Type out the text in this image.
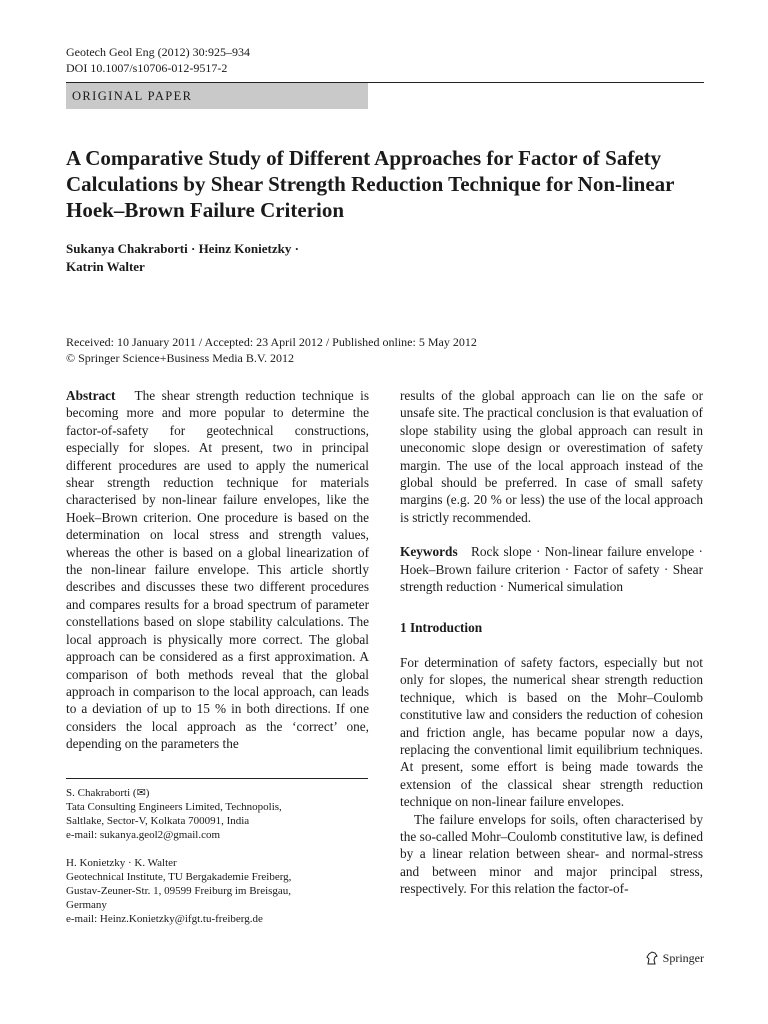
Geotech Geol Eng (2012) 30:925–934
DOI 10.1007/s10706-012-9517-2
ORIGINAL PAPER
A Comparative Study of Different Approaches for Factor of Safety Calculations by Shear Strength Reduction Technique for Non-linear Hoek–Brown Failure Criterion
Sukanya Chakraborti · Heinz Konietzky ·
Katrin Walter
Received: 10 January 2011 / Accepted: 23 April 2012 / Published online: 5 May 2012
© Springer Science+Business Media B.V. 2012

Abstract The shear strength reduction technique is becoming more and more popular to determine the factor-of-safety for geotechnical constructions, especially for slopes. At present, two in principal different procedures are used to apply the numerical shear strength reduction technique for materials characterised by non-linear failure envelopes, like the Hoek–Brown criterion. One procedure is based on the determination on local stress and strength values, whereas the other is based on a global linearization of the non-linear failure envelope. This article shortly describes and discusses these two different procedures and compares results for a broad spectrum of parameter constellations based on slope stability calculations. The local approach is physically more correct. The global approach can be considered as a first approximation. A comparison of both methods reveal that the global approach in comparison to the local approach, can leads to a deviation of up to 15 % in both directions. If one considers the local approach as the ‘correct’ one, depending on the parameters the

results of the global approach can lie on the safe or unsafe site. The practical conclusion is that evaluation of slope stability using the global approach can result in uneconomic slope design or overestimation of safety margin. The use of the local approach instead of the global should be preferred. In case of small safety margins (e.g. 20 % or less) the use of the local approach is strictly recommended.

Keywords Rock slope · Non-linear failure envelope · Hoek–Brown failure criterion · Factor of safety · Shear strength reduction · Numerical simulation

1 Introduction

For determination of safety factors, especially but not only for slopes, the numerical shear strength reduction technique, which is based on the Mohr–Coulomb constitutive law and considers the reduction of cohesion and friction angle, has became popular now a days, replacing the conventional limit equilibrium techniques. At present, some effort is being made towards the extension of the classical shear strength reduction technique on non-linear failure envelopes.

The failure envelops for soils, often characterised by the so-called Mohr–Coulomb constitutive law, is defined by a linear relation between shear- and normal-stress and between minor and major principal stress, respectively. For this relation the factor-of-

S. Chakraborti (✉)
Tata Consulting Engineers Limited, Technopolis,
Saltlake, Sector-V, Kolkata 700091, India
e-mail: sukanya.geol2@gmail.com
H. Konietzky · K. Walter
Geotechnical Institute, TU Bergakademie Freiberg,
Gustav-Zeuner-Str. 1, 09599 Freiburg im Breisgau,
Germany
e-mail: Heinz.Konietzky@ifgt.tu-freiberg.de
Springer
